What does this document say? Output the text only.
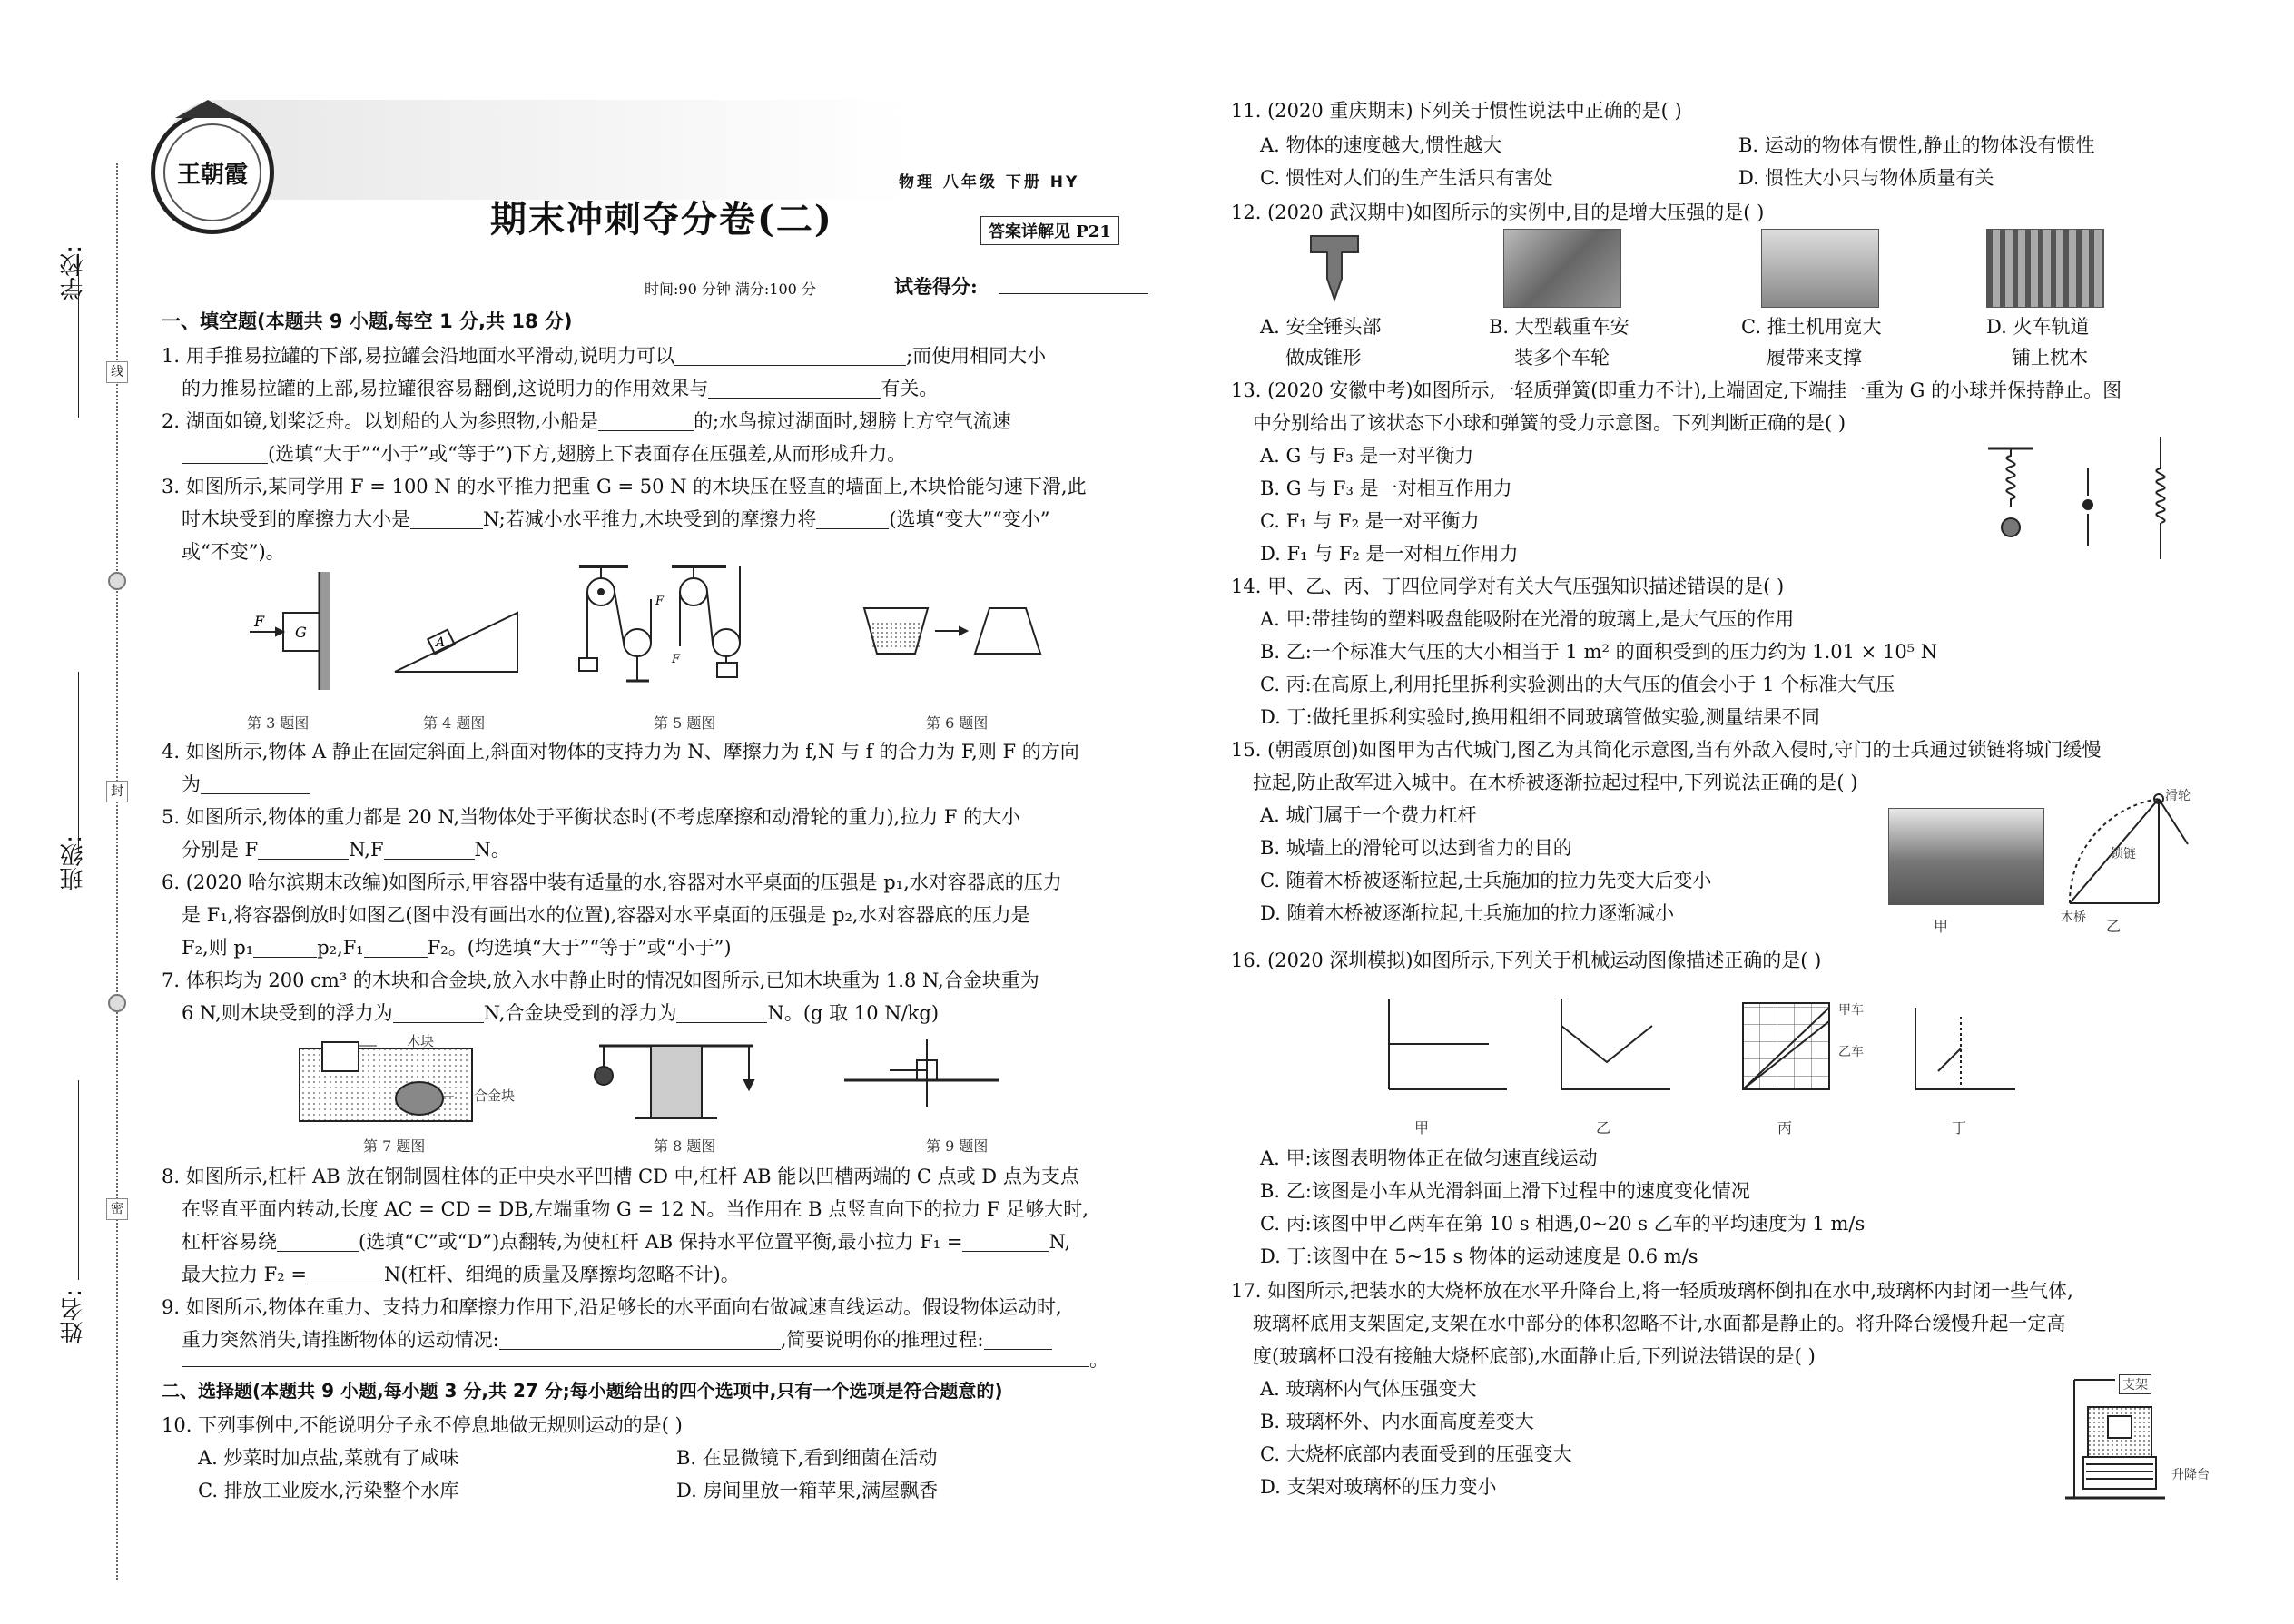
学校:
班级:
姓名:
线
封
密
王朝霞
期末冲刺夺分卷(二)
物理 八年级 下册 HY
答案详解见 P21
时间:90 分钟 满分:100 分	试卷得分:
一、填空题(本题共 9 小题,每空 1 分,共 18 分)
1. 用手推易拉罐的下部,易拉罐会沿地面水平滑动,说明力可以	;而使用相同大小
的力推易拉罐的上部,易拉罐很容易翻倒,这说明力的作用效果与	有关。
2. 湖面如镜,划桨泛舟。以划船的人为参照物,小船是	的;水鸟掠过湖面时,翅膀上方空气流速
(选填“大于”“小于”或“等于”)下方,翅膀上下表面存在压强差,从而形成升力。
3. 如图所示,某同学用 F = 100 N 的水平推力把重 G = 50 N 的木块压在竖直的墙面上,木块恰能匀速下滑,此
时木块受到的摩擦力大小是	N;若减小水平推力,木块受到的摩擦力将	(选填“变大”“变小”
或“不变”)。
F
G
A
F
F
第 3 题图	第 4 题图	第 5 题图	第 6 题图
4. 如图所示,物体 A 静止在固定斜面上,斜面对物体的支持力为 N、摩擦力为 f,N 与 f 的合力为 F,则 F 的方向
为
5. 如图所示,物体的重力都是 20 N,当物体处于平衡状态时(不考虑摩擦和动滑轮的重力),拉力 F 的大小
分别是 F	N,F	N。
6. (2020 哈尔滨期末改编)如图所示,甲容器中装有适量的水,容器对水平桌面的压强是 p₁,水对容器底的压力
是 F₁,将容器倒放时如图乙(图中没有画出水的位置),容器对水平桌面的压强是 p₂,水对容器底的压力是
F₂,则 p₁	p₂,F₁	F₂。(均选填“大于”“等于”或“小于”)
7. 体积均为 200 cm³ 的木块和合金块,放入水中静止时的情况如图所示,已知木块重为 1.8 N,合金块重为
6 N,则木块受到的浮力为	N,合金块受到的浮力为	N。(g 取 10 N/kg)
木块
合金块
第 7 题图	第 8 题图	第 9 题图
8. 如图所示,杠杆 AB 放在钢制圆柱体的正中央水平凹槽 CD 中,杠杆 AB 能以凹槽两端的 C 点或 D 点为支点
在竖直平面内转动,长度 AC = CD = DB,左端重物 G = 12 N。当作用在 B 点竖直向下的拉力 F 足够大时,
杠杆容易绕	(选填“C”或“D”)点翻转,为使杠杆 AB 保持水平位置平衡,最小拉力 F₁ =	N,
最大拉力 F₂ =	N(杠杆、细绳的质量及摩擦均忽略不计)。
9. 如图所示,物体在重力、支持力和摩擦力作用下,沿足够长的水平面向右做减速直线运动。假设物体运动时,
重力突然消失,请推断物体的运动情况:	,简要说明你的推理过程:
。
二、选择题(本题共 9 小题,每小题 3 分,共 27 分;每小题给出的四个选项中,只有一个选项是符合题意的)
10. 下列事例中,不能说明分子永不停息地做无规则运动的是( )
A. 炒菜时加点盐,菜就有了咸味	B. 在显微镜下,看到细菌在活动
C. 排放工业废水,污染整个水库	D. 房间里放一箱苹果,满屋飘香
11. (2020 重庆期末)下列关于惯性说法中正确的是( )
A. 物体的速度越大,惯性越大	B. 运动的物体有惯性,静止的物体没有惯性
C. 惯性对人们的生产生活只有害处	D. 惯性大小只与物体质量有关
12. (2020 武汉期中)如图所示的实例中,目的是增大压强的是( )
A. 安全锤头部
做成锥形
B. 大型载重车安
装多个车轮
C. 推土机用宽大
履带来支撑
D. 火车轨道
铺上枕木
13. (2020 安徽中考)如图所示,一轻质弹簧(即重力不计),上端固定,下端挂一重为 G 的小球并保持静止。图
中分别给出了该状态下小球和弹簧的受力示意图。下列判断正确的是( )
A. G 与 F₃ 是一对平衡力
B. G 与 F₃ 是一对相互作用力
C. F₁ 与 F₂ 是一对平衡力
D. F₁ 与 F₂ 是一对相互作用力
14. 甲、乙、丙、丁四位同学对有关大气压强知识描述错误的是( )
A. 甲:带挂钩的塑料吸盘能吸附在光滑的玻璃上,是大气压的作用
B. 乙:一个标准大气压的大小相当于 1 m² 的面积受到的压力约为 1.01 × 10⁵ N
C. 丙:在高原上,利用托里拆利实验测出的大气压的值会小于 1 个标准大气压
D. 丁:做托里拆利实验时,换用粗细不同玻璃管做实验,测量结果不同
15. (朝霞原创)如图甲为古代城门,图乙为其简化示意图,当有外敌入侵时,守门的士兵通过锁链将城门缓慢
拉起,防止敌军进入城中。在木桥被逐渐拉起过程中,下列说法正确的是( )
A. 城门属于一个费力杠杆
B. 城墙上的滑轮可以达到省力的目的
C. 随着木桥被逐渐拉起,士兵施加的拉力先变大后变小
D. 随着木桥被逐渐拉起,士兵施加的拉力逐渐减小
甲	乙
滑轮
锁链
木桥
16. (2020 深圳模拟)如图所示,下列关于机械运动图像描述正确的是( )
甲	乙	丙	丁
甲车
乙车
A. 甲:该图表明物体正在做匀速直线运动
B. 乙:该图是小车从光滑斜面上滑下过程中的速度变化情况
C. 丙:该图中甲乙两车在第 10 s 相遇,0~20 s 乙车的平均速度为 1 m/s
D. 丁:该图中在 5~15 s 物体的运动速度是 0.6 m/s
17. 如图所示,把装水的大烧杯放在水平升降台上,将一轻质玻璃杯倒扣在水中,玻璃杯内封闭一些气体,
玻璃杯底用支架固定,支架在水中部分的体积忽略不计,水面都是静止的。将升降台缓慢升起一定高
度(玻璃杯口没有接触大烧杯底部),水面静止后,下列说法错误的是( )
A. 玻璃杯内气体压强变大
B. 玻璃杯外、内水面高度差变大
C. 大烧杯底部内表面受到的压强变大
D. 支架对玻璃杯的压力变小
支架
升降台
